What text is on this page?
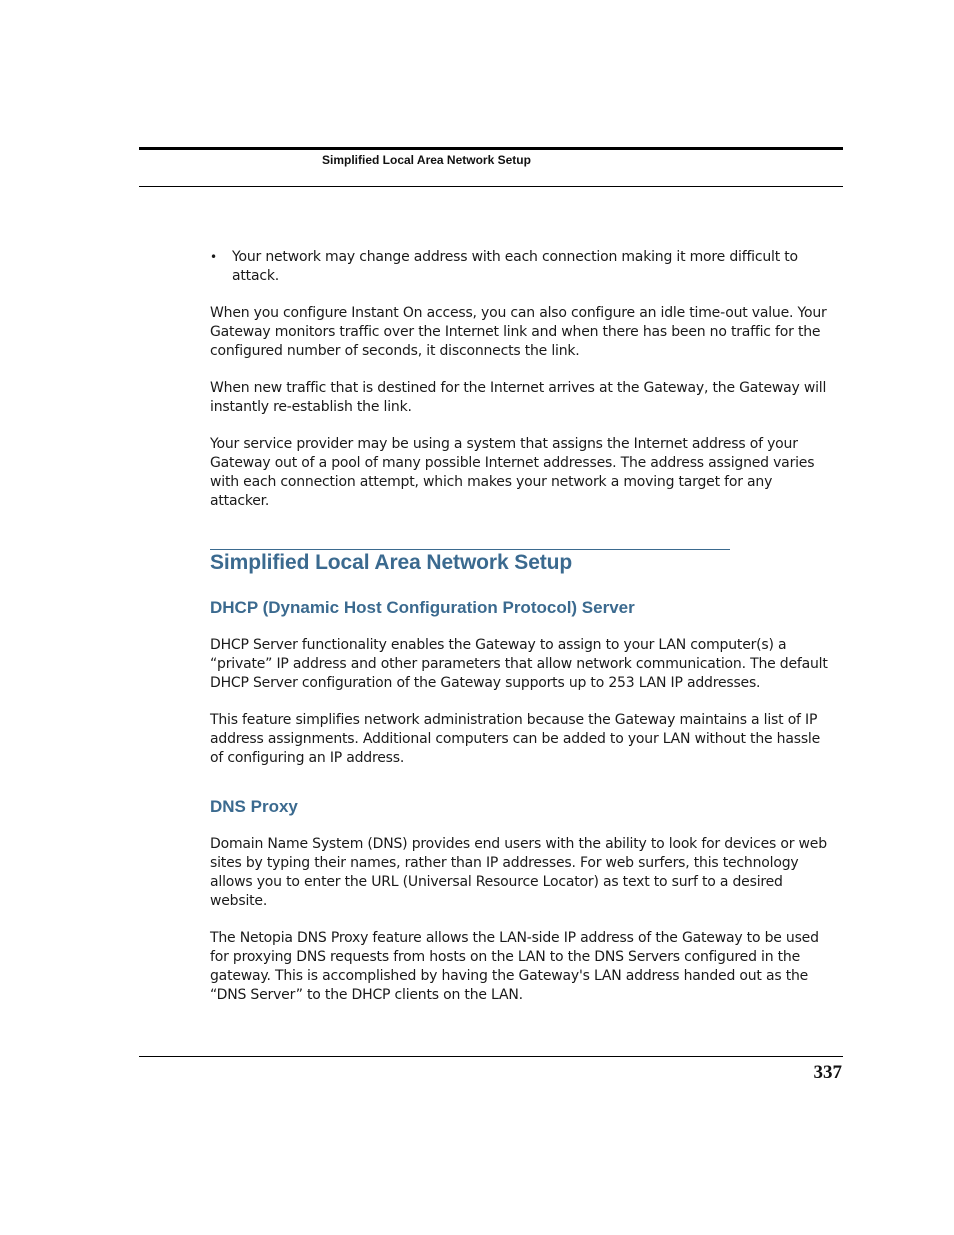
Simplified Local Area Network Setup

• Your network may change address with each connection making it more difficult to attack.

When you configure Instant On access, you can also configure an idle time-out value. Your Gateway monitors traffic over the Internet link and when there has been no traffic for the configured number of seconds, it disconnects the link.

When new traffic that is destined for the Internet arrives at the Gateway, the Gateway will instantly re-establish the link.

Your service provider may be using a system that assigns the Internet address of your Gateway out of a pool of many possible Internet addresses. The address assigned varies with each connection attempt, which makes your network a moving target for any attacker.

Simplified Local Area Network Setup
DHCP (Dynamic Host Configuration Protocol) Server

DHCP Server functionality enables the Gateway to assign to your LAN computer(s) a “private” IP address and other parameters that allow network communication. The default DHCP Server configuration of the Gateway supports up to 253 LAN IP addresses.

This feature simplifies network administration because the Gateway maintains a list of IP address assignments. Additional computers can be added to your LAN without the hassle of configuring an IP address.

DNS Proxy

Domain Name System (DNS) provides end users with the ability to look for devices or web sites by typing their names, rather than IP addresses. For web surfers, this technology allows you to enter the URL (Universal Resource Locator) as text to surf to a desired website.

The Netopia DNS Proxy feature allows the LAN-side IP address of the Gateway to be used for proxying DNS requests from hosts on the LAN to the DNS Servers configured in the gateway. This is accomplished by having the Gateway's LAN address handed out as the “DNS Server” to the DHCP clients on the LAN.

337
